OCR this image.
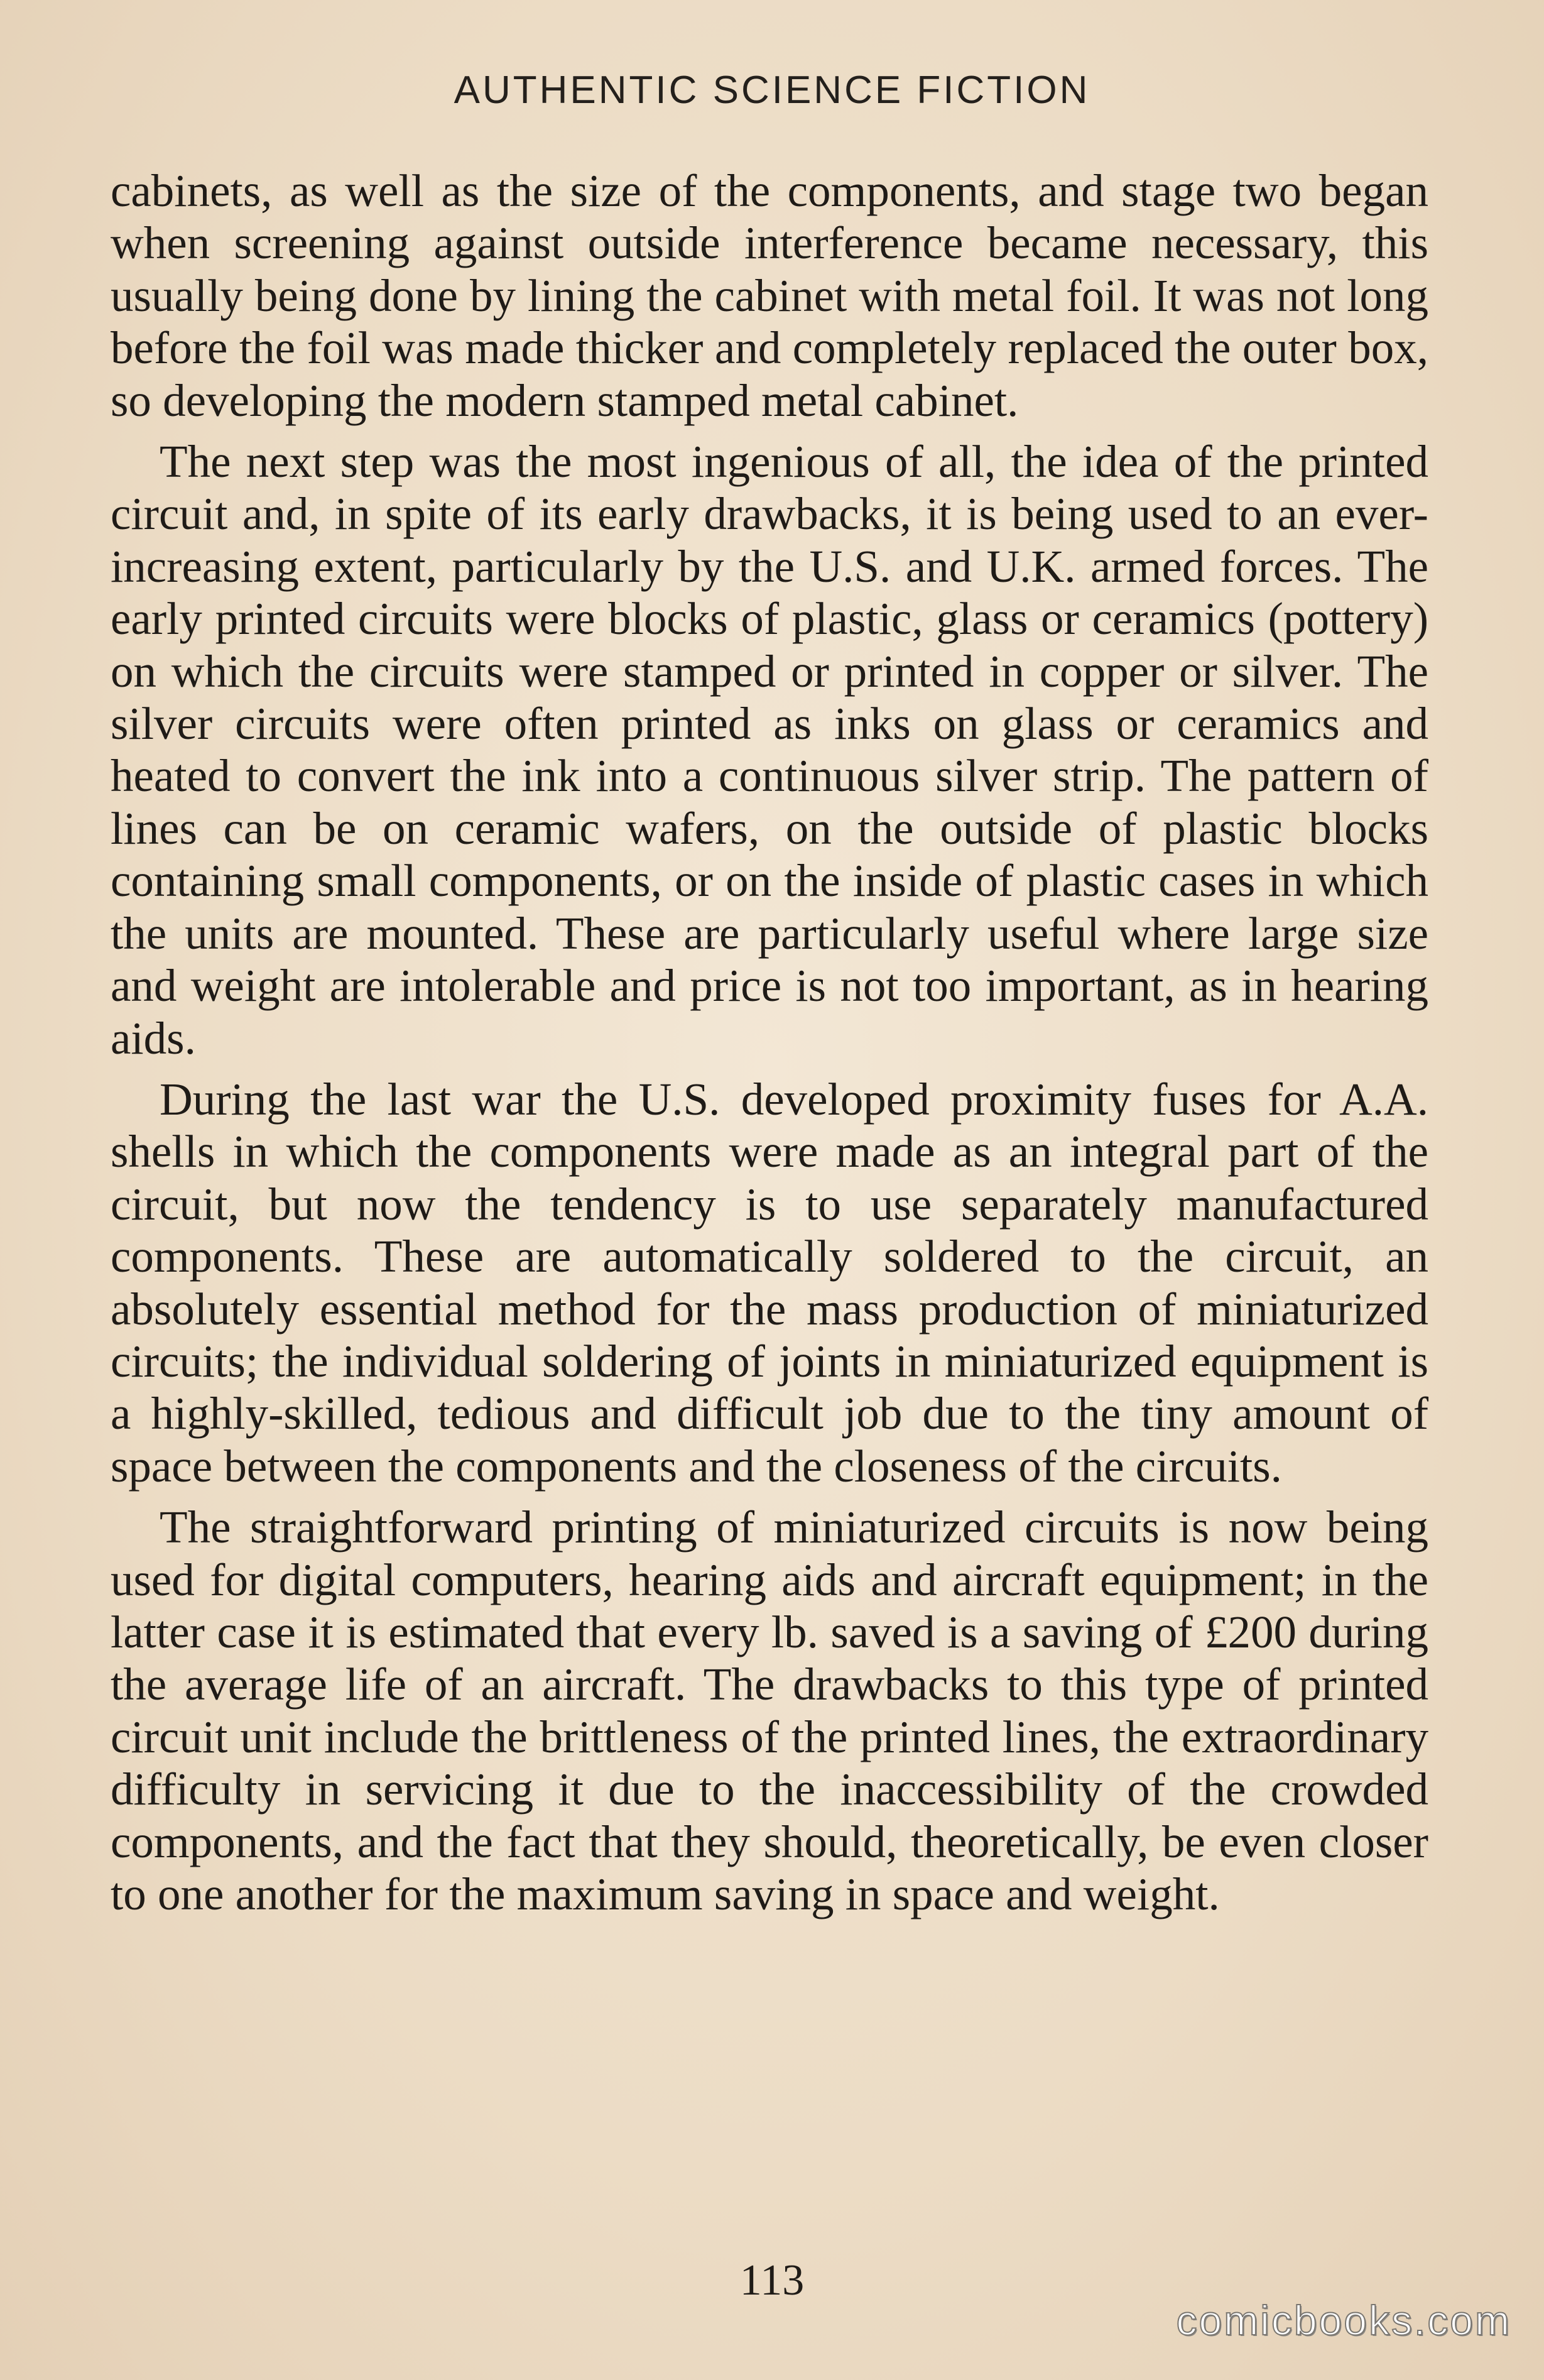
AUTHENTIC SCIENCE FICTION

cabinets, as well as the size of the components, and stage two began when screening against outside interference became necessary, this usually being done by lining the cabinet with metal foil. It was not long before the foil was made thicker and completely replaced the outer box, so developing the modern stamped metal cabinet.

The next step was the most ingenious of all, the idea of the printed circuit and, in spite of its early drawbacks, it is being used to an ever-increasing extent, particularly by the U.S. and U.K. armed forces. The early printed circuits were blocks of plastic, glass or ceramics (pottery) on which the circuits were stamped or printed in copper or silver. The silver circuits were often printed as inks on glass or ceramics and heated to convert the ink into a continuous silver strip. The pattern of lines can be on ceramic wafers, on the outside of plastic blocks containing small components, or on the inside of plastic cases in which the units are mounted. These are particularly useful where large size and weight are intolerable and price is not too important, as in hearing aids.

During the last war the U.S. developed proximity fuses for A.A. shells in which the components were made as an integral part of the circuit, but now the tendency is to use separately manufactured components. These are automatically soldered to the circuit, an absolutely essential method for the mass production of miniaturized circuits; the individual soldering of joints in miniaturized equipment is a highly-skilled, tedious and difficult job due to the tiny amount of space between the components and the closeness of the circuits.

The straightforward printing of miniaturized circuits is now being used for digital computers, hearing aids and aircraft equipment; in the latter case it is estimated that every lb. saved is a saving of £200 during the average life of an aircraft. The drawbacks to this type of printed circuit unit include the brittleness of the printed lines, the extraordinary difficulty in servicing it due to the inaccessibility of the crowded components, and the fact that they should, theoretically, be even closer to one another for the maximum saving in space and weight.

113
comicbooks.com
